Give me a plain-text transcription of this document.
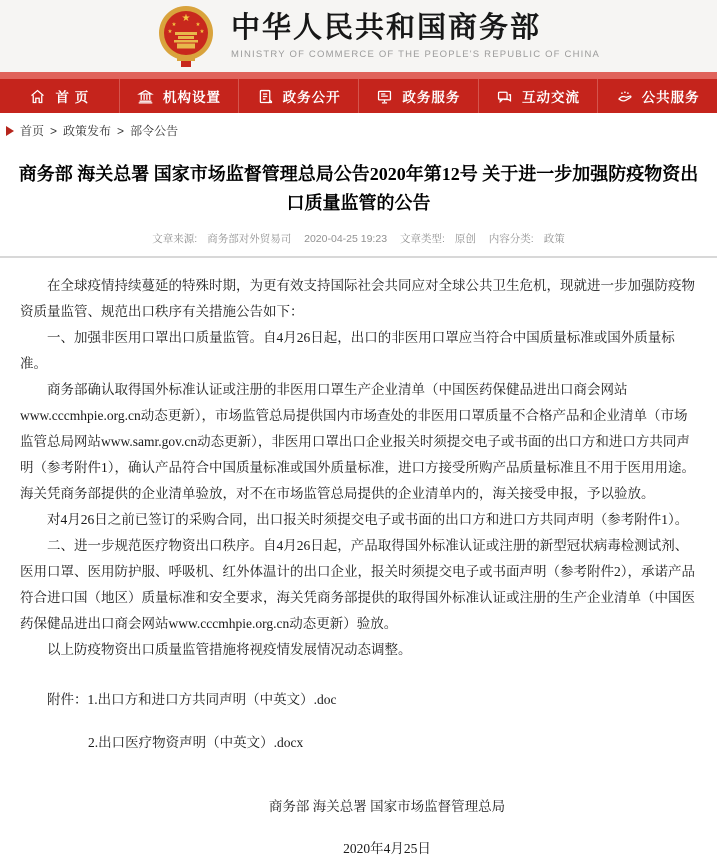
★
★	★
★	★ 中华人民共和国商务部
MINISTRY OF COMMERCE OF THE PEOPLE'S REPUBLIC OF CHINA
首 页	机构设置	政务公开	政务服务	互动交流	公共服务
首页 > 政策发布 > 部令公告
商务部 海关总署 国家市场监督管理总局公告2020年第12号 关于进一步加强防疫物资出口质量监管的公告
文章来源: 商务部对外贸易司 2020-04-25 19:23 文章类型: 原创 内容分类: 政策

在全球疫情持续蔓延的特殊时期，为更有效支持国际社会共同应对全球公共卫生危机，现就进一步加强防疫物资质量监管、规范出口秩序有关措施公告如下：

一、加强非医用口罩出口质量监管。自4月26日起，出口的非医用口罩应当符合中国质量标准或国外质量标准。

商务部确认取得国外标准认证或注册的非医用口罩生产企业清单（中国医药保健品进出口商会网站www.cccmhpie.org.cn动态更新），市场监管总局提供国内市场查处的非医用口罩质量不合格产品和企业清单（市场监管总局网站www.samr.gov.cn动态更新），非医用口罩出口企业报关时须提交电子或书面的出口方和进口方共同声明（参考附件1），确认产品符合中国质量标准或国外质量标准，进口方接受所购产品质量标准且不用于医用用途。海关凭商务部提供的企业清单验放，对不在市场监管总局提供的企业清单内的，海关接受申报，予以验放。

对4月26日之前已签订的采购合同，出口报关时须提交电子或书面的出口方和进口方共同声明（参考附件1）。

二、进一步规范医疗物资出口秩序。自4月26日起，产品取得国外标准认证或注册的新型冠状病毒检测试剂、医用口罩、医用防护服、呼吸机、红外体温计的出口企业，报关时须提交电子或书面声明（参考附件2），承诺产品符合进口国（地区）质量标准和安全要求，海关凭商务部提供的取得国外标准认证或注册的生产企业清单（中国医药保健品进出口商会网站www.cccmhpie.org.cn动态更新）验放。

以上防疫物资出口质量监管措施将视疫情发展情况动态调整。

附件：1.出口方和进口方共同声明（中英文）.doc
2.出口医疗物资声明（中英文）.docx
商务部 海关总署 国家市场监督管理总局
2020年4月25日
